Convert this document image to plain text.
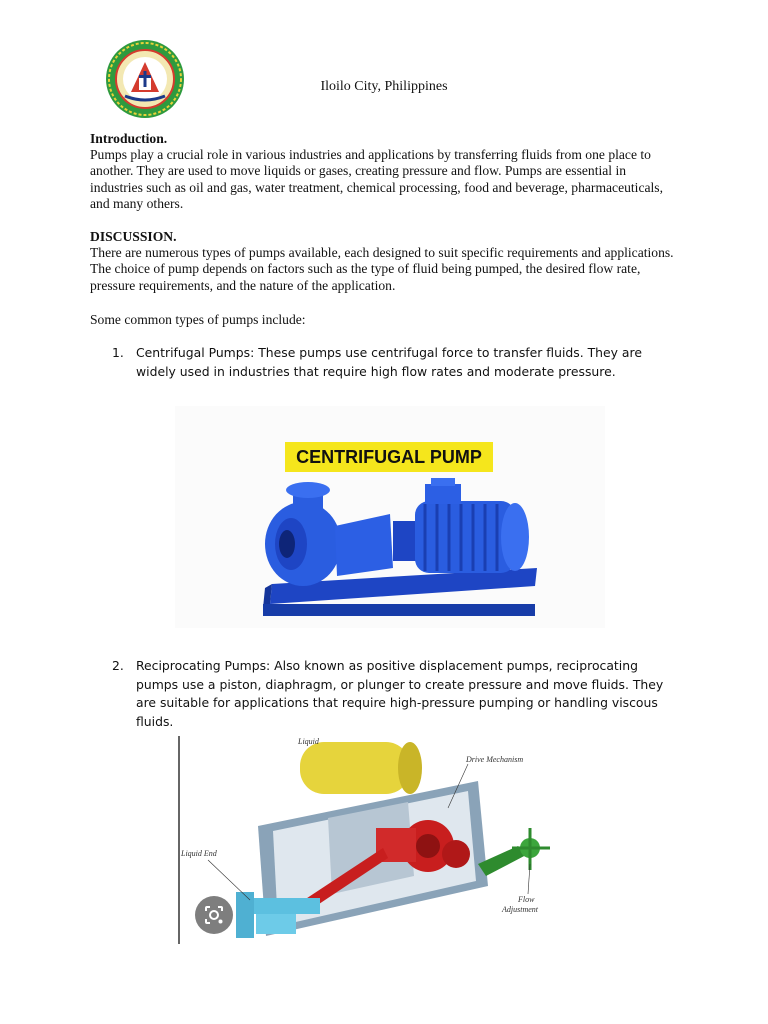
Iloilo City, Philippines

Introduction.

Pumps play a crucial role in various industries and applications by transferring fluids from one place to another. They are used to move liquids or gases, creating pressure and flow. Pumps are essential in industries such as oil and gas, water treatment, chemical processing, food and beverage, pharmaceuticals, and many others.

DISCUSSION.

There are numerous types of pumps available, each designed to suit specific requirements and applications. The choice of pump depends on factors such as the type of fluid being pumped, the desired flow rate, pressure requirements, and the nature of the application.

Some common types of pumps include:

1. Centrifugal Pumps: These pumps use centrifugal force to transfer fluids. They are widely used in industries that require high flow rates and moderate pressure.
CENTRIFUGAL PUMP
2. Reciprocating Pumps: Also known as positive displacement pumps, reciprocating pumps use a piston, diaphragm, or plunger to create pressure and move fluids. They are suitable for applications that require high-pressure pumping or handling viscous fluids.
Liquid
Drive Mechanism
Liquid End
Flow
Adjustment
